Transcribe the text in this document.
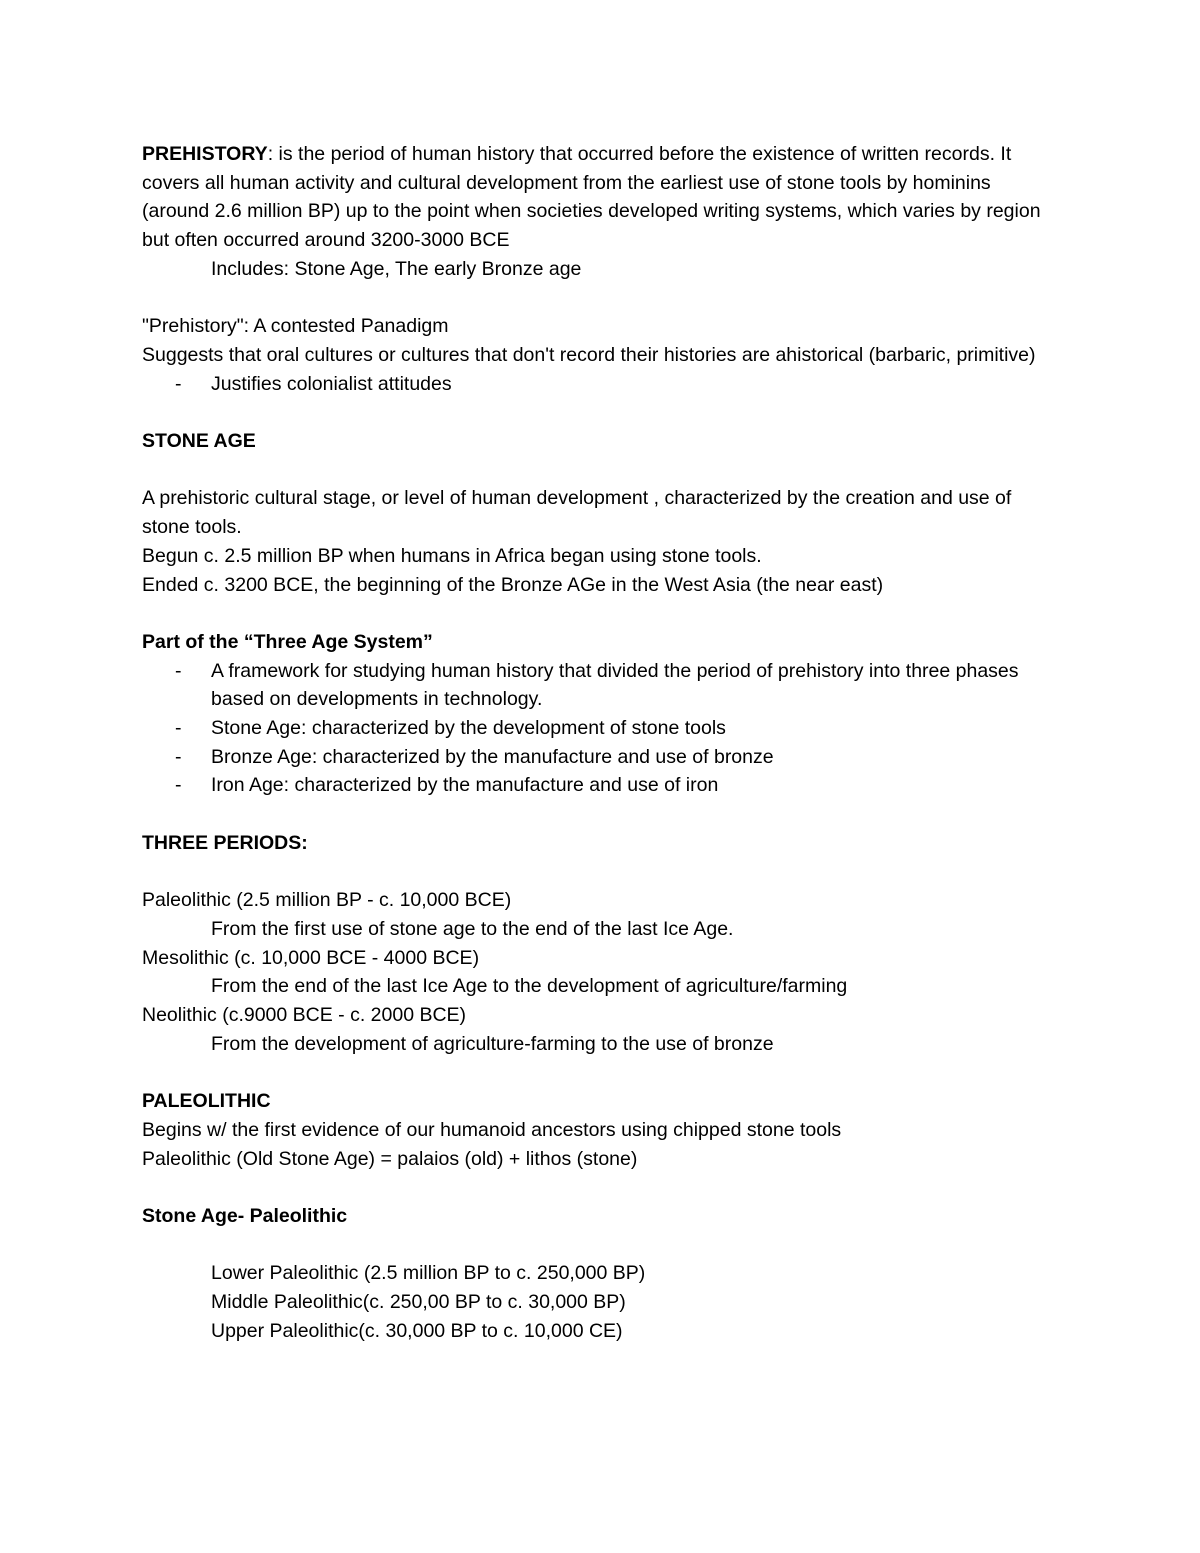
PREHISTORY: is the period of human history that occurred before the existence of written records. It covers all human activity and cultural development from the earliest use of stone tools by hominins (around 2.6 million BP) up to the point when societies developed writing systems, which varies by region but often occurred around 3200-3000 BCE
Includes: Stone Age, The early Bronze age
"Prehistory": A contested Panadigm
Suggests that oral cultures or cultures that don't record their histories are ahistorical (barbaric, primitive)
-	Justifies colonialist attitudes
STONE AGE
A prehistoric cultural stage, or level of human development , characterized by the creation and use of stone tools.
Begun c. 2.5 million BP when humans in Africa began using stone tools.
Ended c. 3200 BCE, the beginning of the Bronze AGe in the West Asia (the near east)
Part of the “Three Age System”
-	A framework for studying human history that divided the period of prehistory into three phases based on developments in technology.
-	Stone Age: characterized by the development of stone tools
-	Bronze Age: characterized by the manufacture and use of bronze
-	Iron Age: characterized by the manufacture and use of iron
THREE PERIODS:
Paleolithic (2.5 million BP - c. 10,000 BCE)
From the first use of stone age to the end of the last Ice Age.
Mesolithic (c. 10,000 BCE - 4000 BCE)
From the end of the last Ice Age to the development of agriculture/farming
Neolithic (c.9000 BCE - c. 2000 BCE)
From the development of agriculture-farming to the use of bronze
PALEOLITHIC
Begins w/ the first evidence of our humanoid ancestors using chipped stone tools
Paleolithic (Old Stone Age) = palaios (old) + lithos (stone)
Stone Age- Paleolithic
Lower Paleolithic (2.5 million BP to c. 250,000 BP)
Middle Paleolithic(c. 250,00 BP to c. 30,000 BP)
Upper Paleolithic(c. 30,000 BP to c. 10,000 CE)
